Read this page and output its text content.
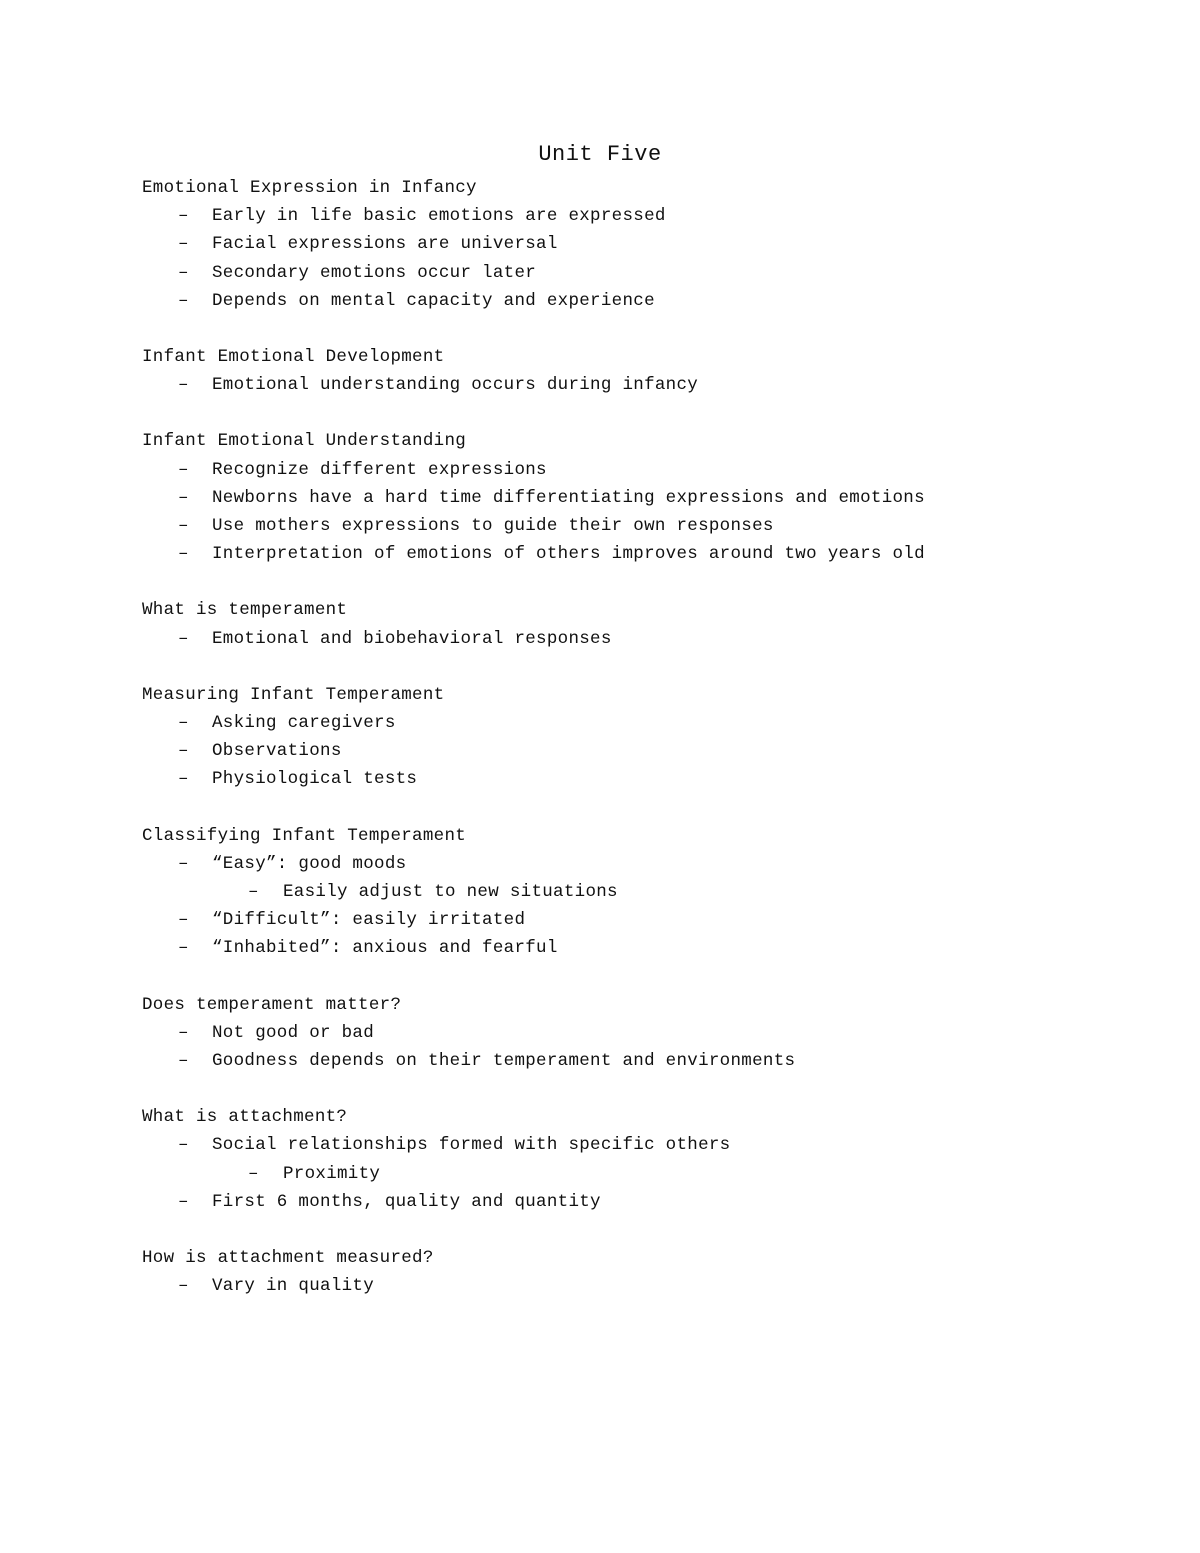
Unit Five
Emotional Expression in Infancy
– Early in life basic emotions are expressed
– Facial expressions are universal
– Secondary emotions occur later
– Depends on mental capacity and experience
Infant Emotional Development
– Emotional understanding occurs during infancy
Infant Emotional Understanding
– Recognize different expressions
– Newborns have a hard time differentiating expressions and emotions
– Use mothers expressions to guide their own responses
– Interpretation of emotions of others improves around two years old
What is temperament
– Emotional and biobehavioral responses
Measuring Infant Temperament
– Asking caregivers
– Observations
– Physiological tests
Classifying Infant Temperament
– “Easy”: good moods
– Easily adjust to new situations
– “Difficult”: easily irritated
– “Inhabited”: anxious and fearful
Does temperament matter?
– Not good or bad
– Goodness depends on their temperament and environments
What is attachment?
– Social relationships formed with specific others
– Proximity
– First 6 months, quality and quantity
How is attachment measured?
– Vary in quality
